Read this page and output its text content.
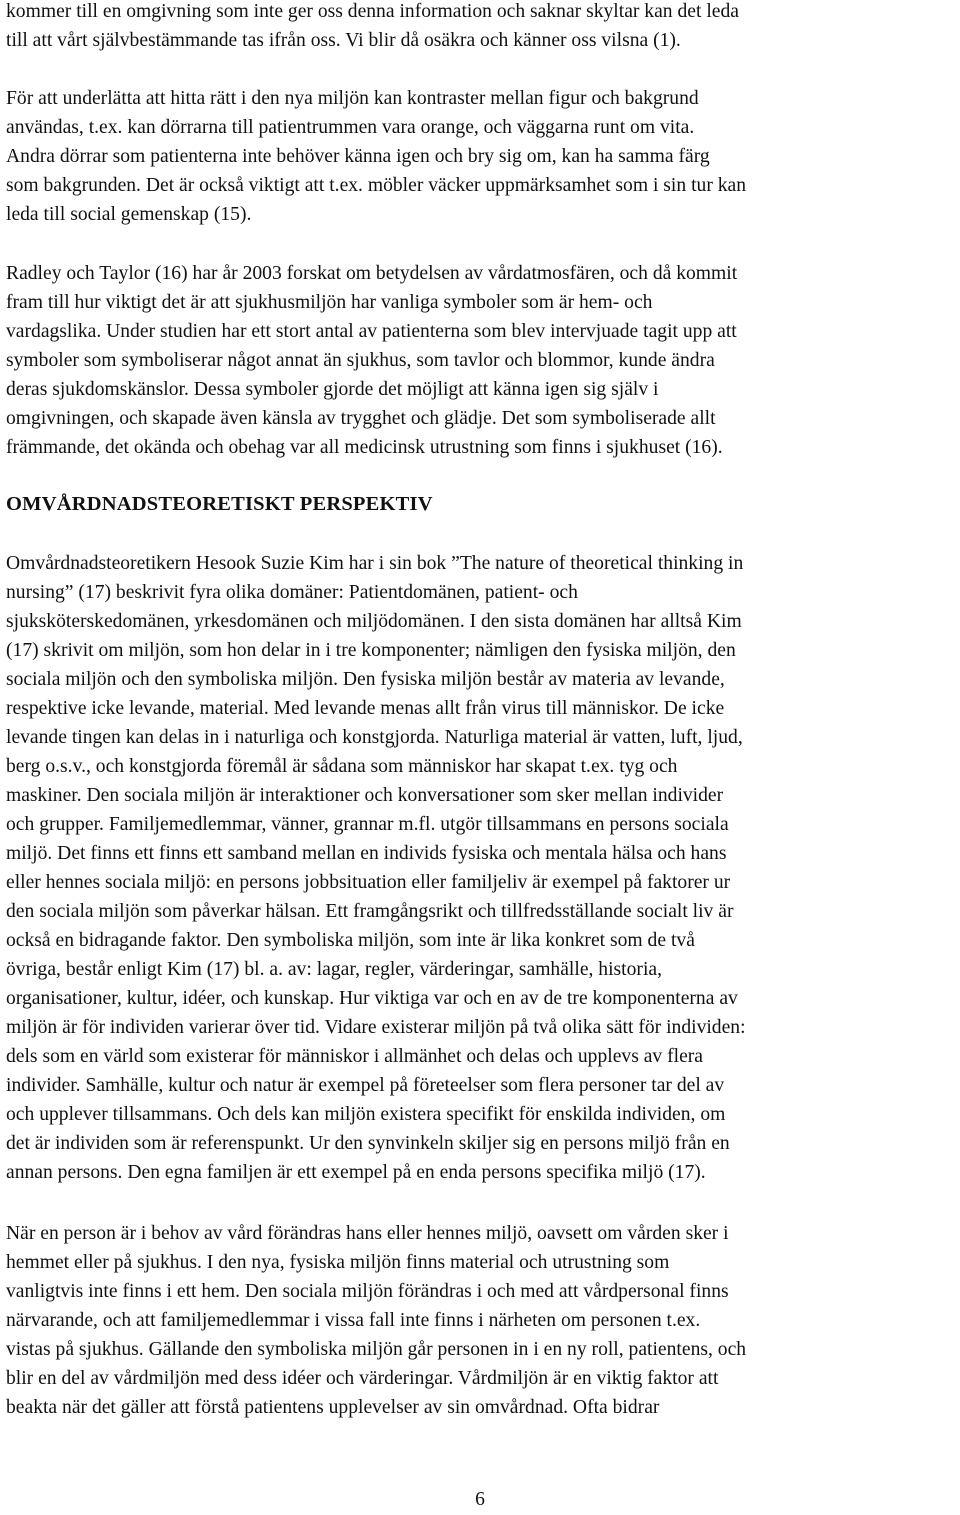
kommer till en omgivning som inte ger oss denna information och saknar skyltar kan det leda
till att vårt självbestämmande tas ifrån oss. Vi blir då osäkra och känner oss vilsna (1).

För att underlätta att hitta rätt i den nya miljön kan kontraster mellan figur och bakgrund
användas, t.ex. kan dörrarna till patientrummen vara orange, och väggarna runt om vita.
Andra dörrar som patienterna inte behöver känna igen och bry sig om, kan ha samma färg
som bakgrunden. Det är också viktigt att t.ex. möbler väcker uppmärksamhet som i sin tur kan
leda till social gemenskap (15).

Radley och Taylor (16) har år 2003 forskat om betydelsen av vårdatmosfären, och då kommit
fram till hur viktigt det är att sjukhusmiljön har vanliga symboler som är hem- och
vardagslika. Under studien har ett stort antal av patienterna som blev intervjuade tagit upp att
symboler som symboliserar något annat än sjukhus, som tavlor och blommor, kunde ändra
deras sjukdomskänslor. Dessa symboler gjorde det möjligt att känna igen sig själv i
omgivningen, och skapade även känsla av trygghet och glädje. Det som symboliserade allt
främmande, det okända och obehag var all medicinsk utrustning som finns i sjukhuset (16).

OMVÅRDNADSTEORETISKT PERSPEKTIV

Omvårdnadsteoretikern Hesook Suzie Kim har i sin bok ”The nature of theoretical thinking in
nursing” (17) beskrivit fyra olika domäner: Patientdomänen, patient- och
sjuksköterskedomänen, yrkesdomänen och miljödomänen. I den sista domänen har alltså Kim
(17) skrivit om miljön, som hon delar in i tre komponenter; nämligen den fysiska miljön, den
sociala miljön och den symboliska miljön. Den fysiska miljön består av materia av levande,
respektive icke levande, material. Med levande menas allt från virus till människor. De icke
levande tingen kan delas in i naturliga och konstgjorda. Naturliga material är vatten, luft, ljud,
berg o.s.v., och konstgjorda föremål är sådana som människor har skapat t.ex. tyg och
maskiner. Den sociala miljön är interaktioner och konversationer som sker mellan individer
och grupper. Familjemedlemmar, vänner, grannar m.fl. utgör tillsammans en persons sociala
miljö. Det finns ett finns ett samband mellan en individs fysiska och mentala hälsa och hans
eller hennes sociala miljö: en persons jobbsituation eller familjeliv är exempel på faktorer ur
den sociala miljön som påverkar hälsan. Ett framgångsrikt och tillfredsställande socialt liv är
också en bidragande faktor. Den symboliska miljön, som inte är lika konkret som de två
övriga, består enligt Kim (17) bl. a. av: lagar, regler, värderingar, samhälle, historia,
organisationer, kultur, idéer, och kunskap. Hur viktiga var och en av de tre komponenterna av
miljön är för individen varierar över tid. Vidare existerar miljön på två olika sätt för individen:
dels som en värld som existerar för människor i allmänhet och delas och upplevs av flera
individer. Samhälle, kultur och natur är exempel på företeelser som flera personer tar del av
och upplever tillsammans. Och dels kan miljön existera specifikt för enskilda individen, om
det är individen som är referenspunkt. Ur den synvinkeln skiljer sig en persons miljö från en
annan persons. Den egna familjen är ett exempel på en enda persons specifika miljö (17).

När en person är i behov av vård förändras hans eller hennes miljö, oavsett om vården sker i
hemmet eller på sjukhus. I den nya, fysiska miljön finns material och utrustning som
vanligtvis inte finns i ett hem. Den sociala miljön förändras i och med att vårdpersonal finns
närvarande, och att familjemedlemmar i vissa fall inte finns i närheten om personen t.ex.
vistas på sjukhus. Gällande den symboliska miljön går personen in i en ny roll, patientens, och
blir en del av vårdmiljön med dess idéer och värderingar. Vårdmiljön är en viktig faktor att
beakta när det gäller att förstå patientens upplevelser av sin omvårdnad. Ofta bidrar

6
